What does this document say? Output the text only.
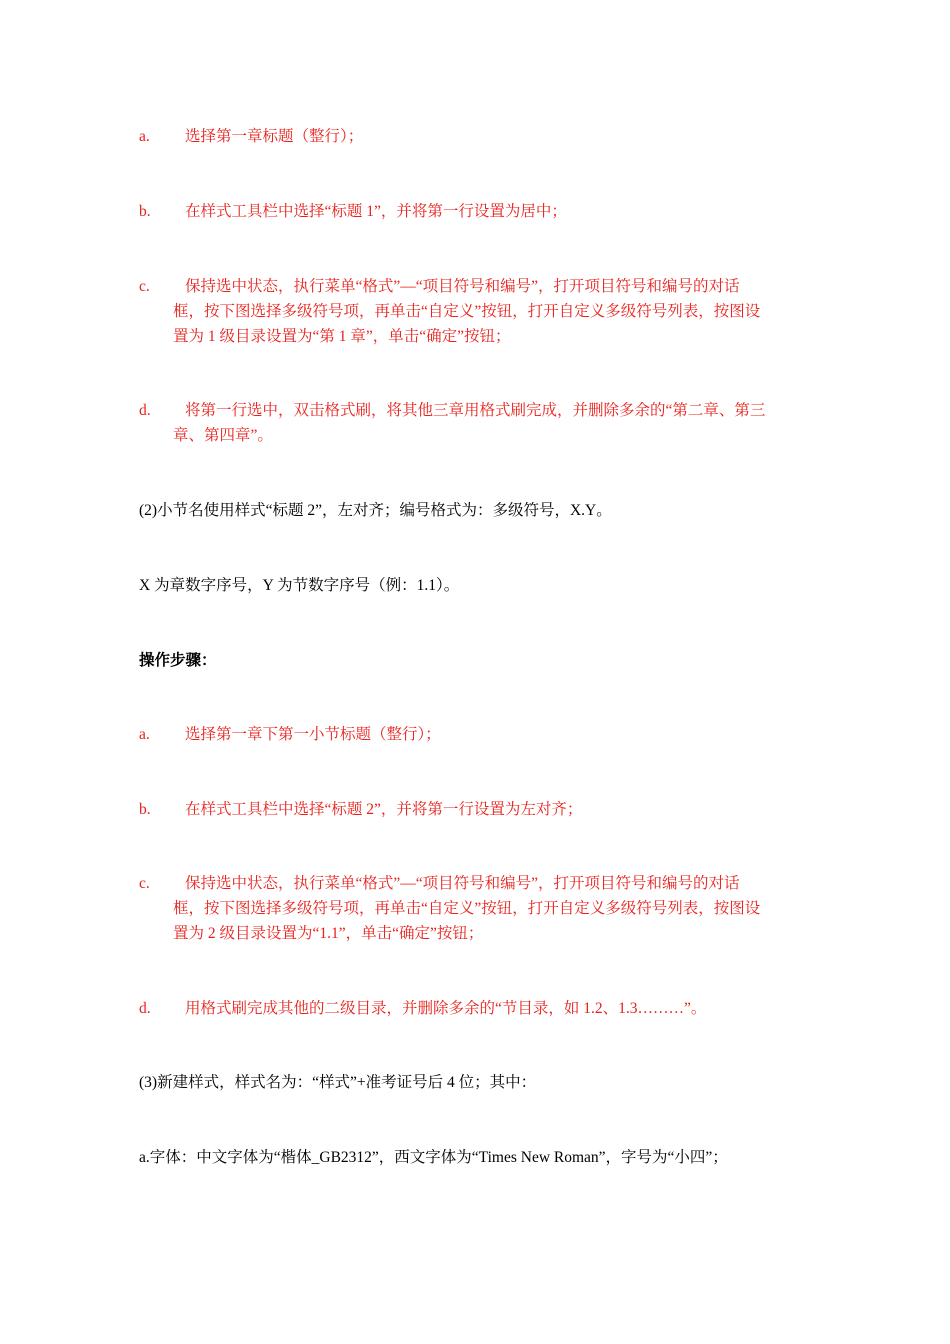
a.	选择第一章标题（整行）；
b.	在样式工具栏中选择“标题 1”，并将第一行设置为居中；
c.	保持选中状态，执行菜单“格式”—“项目符号和编号”，打开项目符号和编号的对话
框，按下图选择多级符号项，再单击“自定义”按钮，打开自定义多级符号列表，按图设
置为 1 级目录设置为“第 1 章”，单击“确定”按钮；
d.	将第一行选中，双击格式刷，将其他三章用格式刷完成，并删除多余的“第二章、第三
章、第四章”。
(2)小节名使用样式“标题 2”，左对齐；编号格式为：多级符号，X.Y。
X 为章数字序号，Y 为节数字序号（例：1.1）。
操作步骤：
a.	选择第一章下第一小节标题（整行）；
b.	在样式工具栏中选择“标题 2”，并将第一行设置为左对齐；
c.	保持选中状态，执行菜单“格式”—“项目符号和编号”，打开项目符号和编号的对话
框，按下图选择多级符号项，再单击“自定义”按钮，打开自定义多级符号列表，按图设
置为 2 级目录设置为“1.1”，单击“确定”按钮；
d.	用格式刷完成其他的二级目录，并删除多余的“节目录，如 1.2、1.3………”。
(3)新建样式，样式名为：“样式”+准考证号后 4 位；其中：
a.字体：中文字体为“楷体_GB2312”，西文字体为“Times New Roman”，字号为“小四”；
